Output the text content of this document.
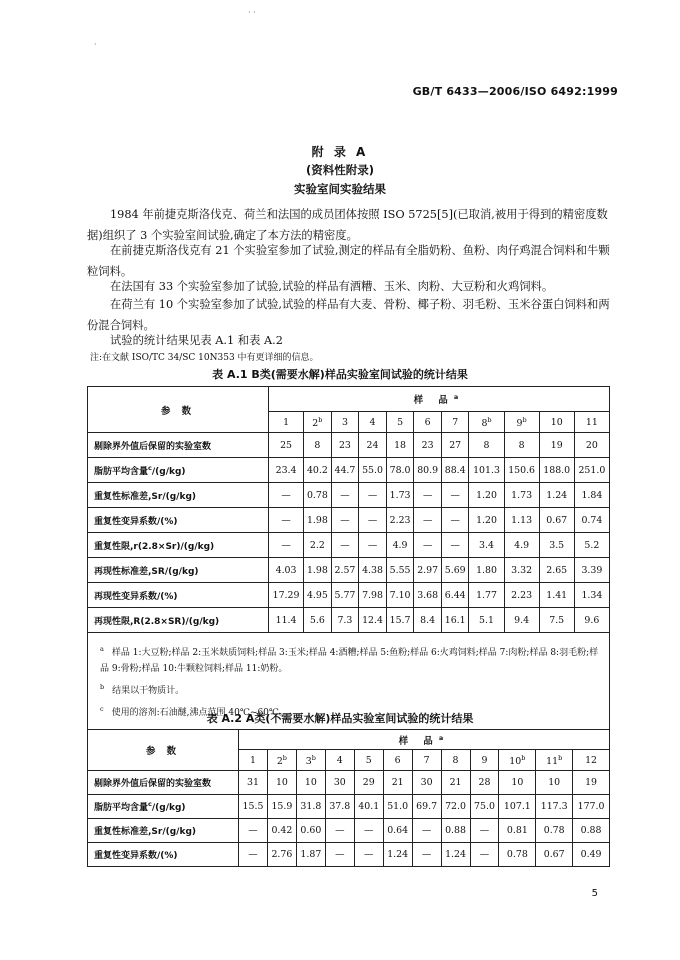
· ·
·
GB/T 6433—2006/ISO 6492:1999
附 录 A
(资料性附录)
实验室间实验结果
1984 年前捷克斯洛伐克、荷兰和法国的成员团体按照 ISO 5725[5](已取消,被用于得到的精密度数据)组织了 3 个实验室间试验,确定了本方法的精密度。
在前捷克斯洛伐克有 21 个实验室参加了试验,测定的样品有全脂奶粉、鱼粉、肉仔鸡混合饲料和牛颗粒饲料。
在法国有 33 个实验室参加了试验,试验的样品有酒糟、玉米、肉粉、大豆粉和火鸡饲料。
在荷兰有 10 个实验室参加了试验,试验的样品有大麦、骨粉、椰子粉、羽毛粉、玉米谷蛋白饲料和两份混合饲料。
试验的统计结果见表 A.1 和表 A.2
注:在文献 ISO/TC 34/SC 10N353 中有更详细的信息。
表 A.1 B类(需要水解)样品实验室间试验的统计结果
参 数	样 品$^a$
	1	2$^b$	3	4	5	6	7	8$^b$	9$^b$	10	11
剔除界外值后保留的实验室数	25	8	23	24	18	23	27	8	8	19	20
脂肪平均含量$^c$/(g/kg)	23.4	40.2	44.7	55.0	78.0	80.9	88.4	101.3	150.6	188.0	251.0
重复性标准差,Sr/(g/kg)	—	0.78	—	—	1.73	—	—	1.20	1.73	1.24	1.84
重复性变异系数/(%)	—	1.98	—	—	2.23	—	—	1.20	1.13	0.67	0.74
重复性限,r(2.8×Sr)/(g/kg)	—	2.2	—	—	4.9	—	—	3.4	4.9	3.5	5.2
再现性标准差,SR/(g/kg)	4.03	1.98	2.57	4.38	5.55	2.97	5.69	1.80	3.32	2.65	3.39
再现性变异系数/(%)	17.29	4.95	5.77	7.98	7.10	3.68	6.44	1.77	2.23	1.41	1.34
再现性限,R(2.8×SR)/(g/kg)	11.4	5.6	7.3	12.4	15.7	8.4	16.1	5.1	9.4	7.5	9.6

$^a$ 样品 1:大豆粉;样品 2:玉米麸质饲料;样品 3:玉米;样品 4:酒糟;样品 5:鱼粉;样品 6:火鸡饲料;样品 7:肉粉;样品 8:羽毛粉;样品 9:骨粉;样品 10:牛颗粒饲料;样品 11:奶粉。
$^b$ 结果以干物质计。
$^c$ 使用的溶剂:石油醚,沸点范围 40℃~60℃。											
表 A.2 A类(不需要水解)样品实验室间试验的统计结果
参 数	样 品$^a$
	1	2$^b$	3$^b$	4	5	6	7	8	9	10$^b$	11$^b$	12
剔除界外值后保留的实验室数	31	10	10	30	29	21	30	21	28	10	10	19
脂肪平均含量$^c$/(g/kg)	15.5	15.9	31.8	37.8	40.1	51.0	69.7	72.0	75.0	107.1	117.3	177.0
重复性标准差,Sr/(g/kg)	—	0.42	0.60	—	—	0.64	—	0.88	—	0.81	0.78	0.88
重复性变异系数/(%)	—	2.76	1.87	—	—	1.24	—	1.24	—	0.78	0.67	0.49
5
